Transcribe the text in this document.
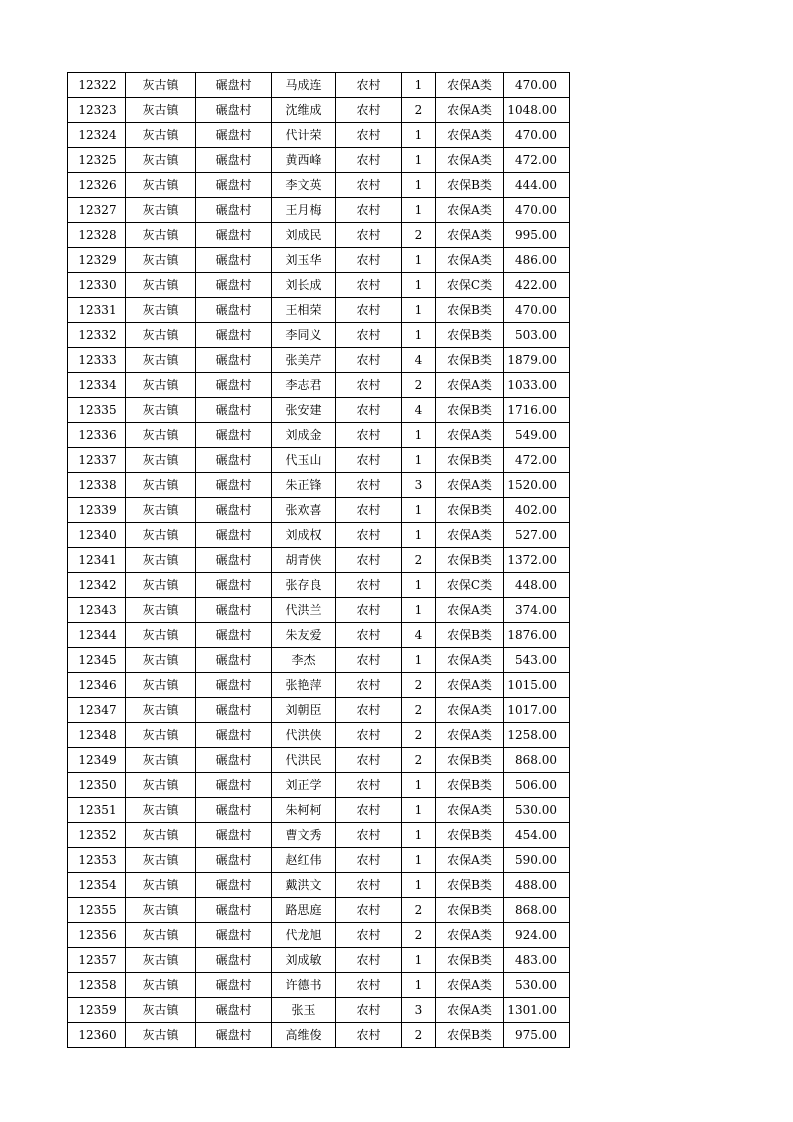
12322	灰古镇	碾盘村	马成连	农村	1	农保A类	470.00
12323	灰古镇	碾盘村	沈维成	农村	2	农保A类	1048.00
12324	灰古镇	碾盘村	代计荣	农村	1	农保A类	470.00
12325	灰古镇	碾盘村	黄西峰	农村	1	农保A类	472.00
12326	灰古镇	碾盘村	李文英	农村	1	农保B类	444.00
12327	灰古镇	碾盘村	王月梅	农村	1	农保A类	470.00
12328	灰古镇	碾盘村	刘成民	农村	2	农保A类	995.00
12329	灰古镇	碾盘村	刘玉华	农村	1	农保A类	486.00
12330	灰古镇	碾盘村	刘长成	农村	1	农保C类	422.00
12331	灰古镇	碾盘村	王相荣	农村	1	农保B类	470.00
12332	灰古镇	碾盘村	李同义	农村	1	农保B类	503.00
12333	灰古镇	碾盘村	张美芹	农村	4	农保B类	1879.00
12334	灰古镇	碾盘村	李志君	农村	2	农保A类	1033.00
12335	灰古镇	碾盘村	张安建	农村	4	农保B类	1716.00
12336	灰古镇	碾盘村	刘成金	农村	1	农保A类	549.00
12337	灰古镇	碾盘村	代玉山	农村	1	农保B类	472.00
12338	灰古镇	碾盘村	朱正锋	农村	3	农保A类	1520.00
12339	灰古镇	碾盘村	张欢喜	农村	1	农保B类	402.00
12340	灰古镇	碾盘村	刘成权	农村	1	农保A类	527.00
12341	灰古镇	碾盘村	胡青侠	农村	2	农保B类	1372.00
12342	灰古镇	碾盘村	张存良	农村	1	农保C类	448.00
12343	灰古镇	碾盘村	代洪兰	农村	1	农保A类	374.00
12344	灰古镇	碾盘村	朱友爱	农村	4	农保B类	1876.00
12345	灰古镇	碾盘村	李杰	农村	1	农保A类	543.00
12346	灰古镇	碾盘村	张艳萍	农村	2	农保A类	1015.00
12347	灰古镇	碾盘村	刘朝臣	农村	2	农保A类	1017.00
12348	灰古镇	碾盘村	代洪侠	农村	2	农保A类	1258.00
12349	灰古镇	碾盘村	代洪民	农村	2	农保B类	868.00
12350	灰古镇	碾盘村	刘正学	农村	1	农保B类	506.00
12351	灰古镇	碾盘村	朱柯柯	农村	1	农保A类	530.00
12352	灰古镇	碾盘村	曹文秀	农村	1	农保B类	454.00
12353	灰古镇	碾盘村	赵红伟	农村	1	农保A类	590.00
12354	灰古镇	碾盘村	戴洪文	农村	1	农保B类	488.00
12355	灰古镇	碾盘村	路思庭	农村	2	农保B类	868.00
12356	灰古镇	碾盘村	代龙旭	农村	2	农保A类	924.00
12357	灰古镇	碾盘村	刘成敏	农村	1	农保B类	483.00
12358	灰古镇	碾盘村	许德书	农村	1	农保A类	530.00
12359	灰古镇	碾盘村	张玉	农村	3	农保A类	1301.00
12360	灰古镇	碾盘村	高维俊	农村	2	农保B类	975.00
